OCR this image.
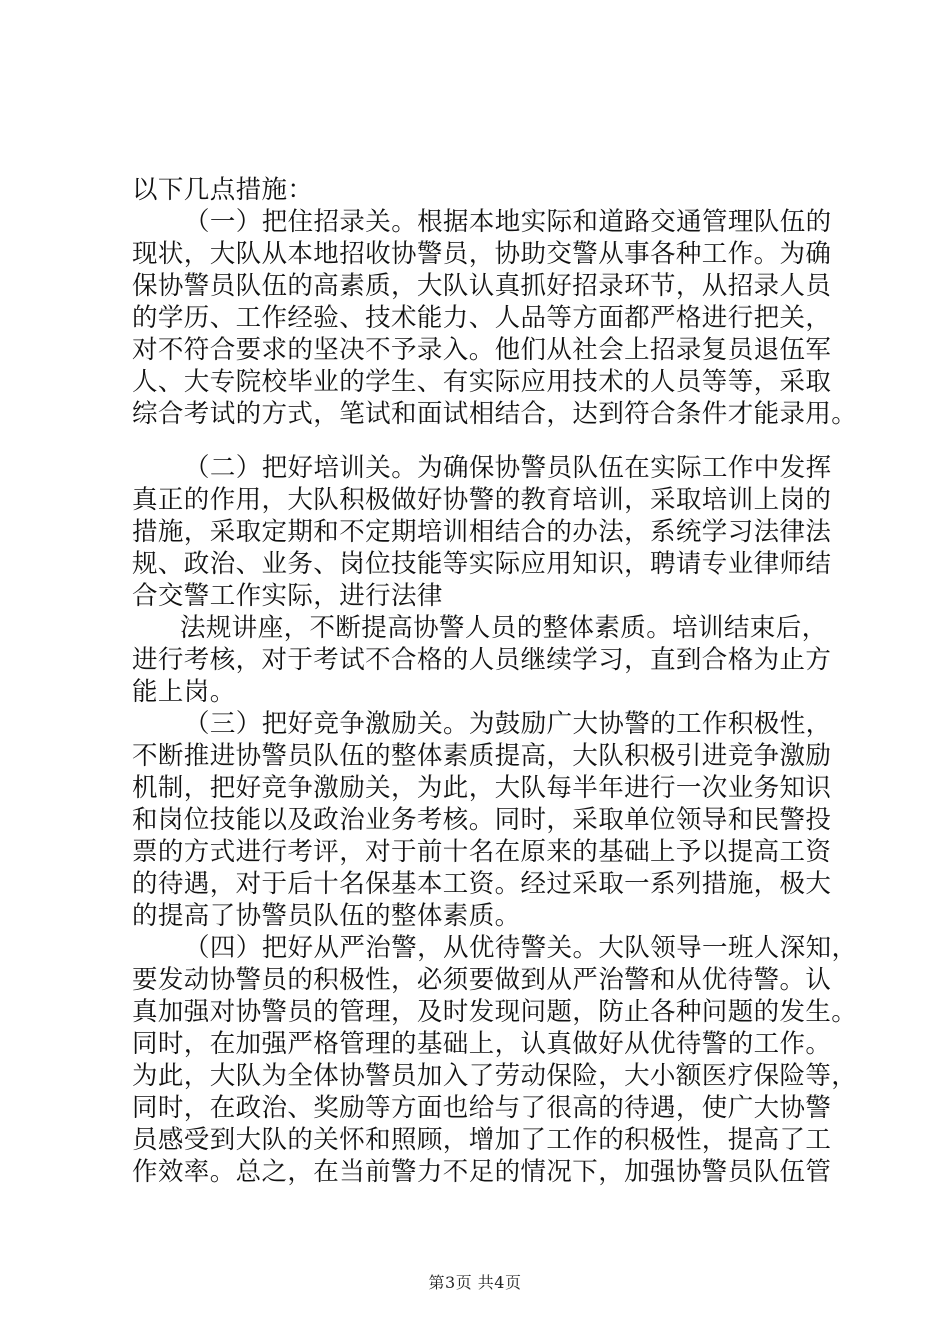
以下几点措施：
（一）把住招录关。根据本地实际和道路交通管理队伍的
现状，大队从本地招收协警员，协助交警从事各种工作。为确
保协警员队伍的高素质，大队认真抓好招录环节，从招录人员
的学历、工作经验、技术能力、人品等方面都严格进行把关，
对不符合要求的坚决不予录入。他们从社会上招录复员退伍军
人、大专院校毕业的学生、有实际应用技术的人员等等，采取
综合考试的方式，笔试和面试相结合，达到符合条件才能录用。
（二）把好培训关。为确保协警员队伍在实际工作中发挥
真正的作用，大队积极做好协警的教育培训，采取培训上岗的
措施，采取定期和不定期培训相结合的办法，系统学习法律法
规、政治、业务、岗位技能等实际应用知识，聘请专业律师结
合交警工作实际，进行法律
法规讲座，不断提高协警人员的整体素质。培训结束后，
进行考核，对于考试不合格的人员继续学习，直到合格为止方
能上岗。
（三）把好竞争激励关。为鼓励广大协警的工作积极性，
不断推进协警员队伍的整体素质提高，大队积极引进竞争激励
机制，把好竞争激励关，为此，大队每半年进行一次业务知识
和岗位技能以及政治业务考核。同时，采取单位领导和民警投
票的方式进行考评，对于前十名在原来的基础上予以提高工资
的待遇，对于后十名保基本工资。经过采取一系列措施，极大
的提高了协警员队伍的整体素质。
（四）把好从严治警，从优待警关。大队领导一班人深知，
要发动协警员的积极性，必须要做到从严治警和从优待警。认
真加强对协警员的管理，及时发现问题，防止各种问题的发生。
同时，在加强严格管理的基础上，认真做好从优待警的工作。
为此，大队为全体协警员加入了劳动保险，大小额医疗保险等，
同时，在政治、奖励等方面也给与了很高的待遇，使广大协警
员感受到大队的关怀和照顾，增加了工作的积极性，提高了工
作效率。总之，在当前警力不足的情况下，加强协警员队伍管
第3页 共4页
